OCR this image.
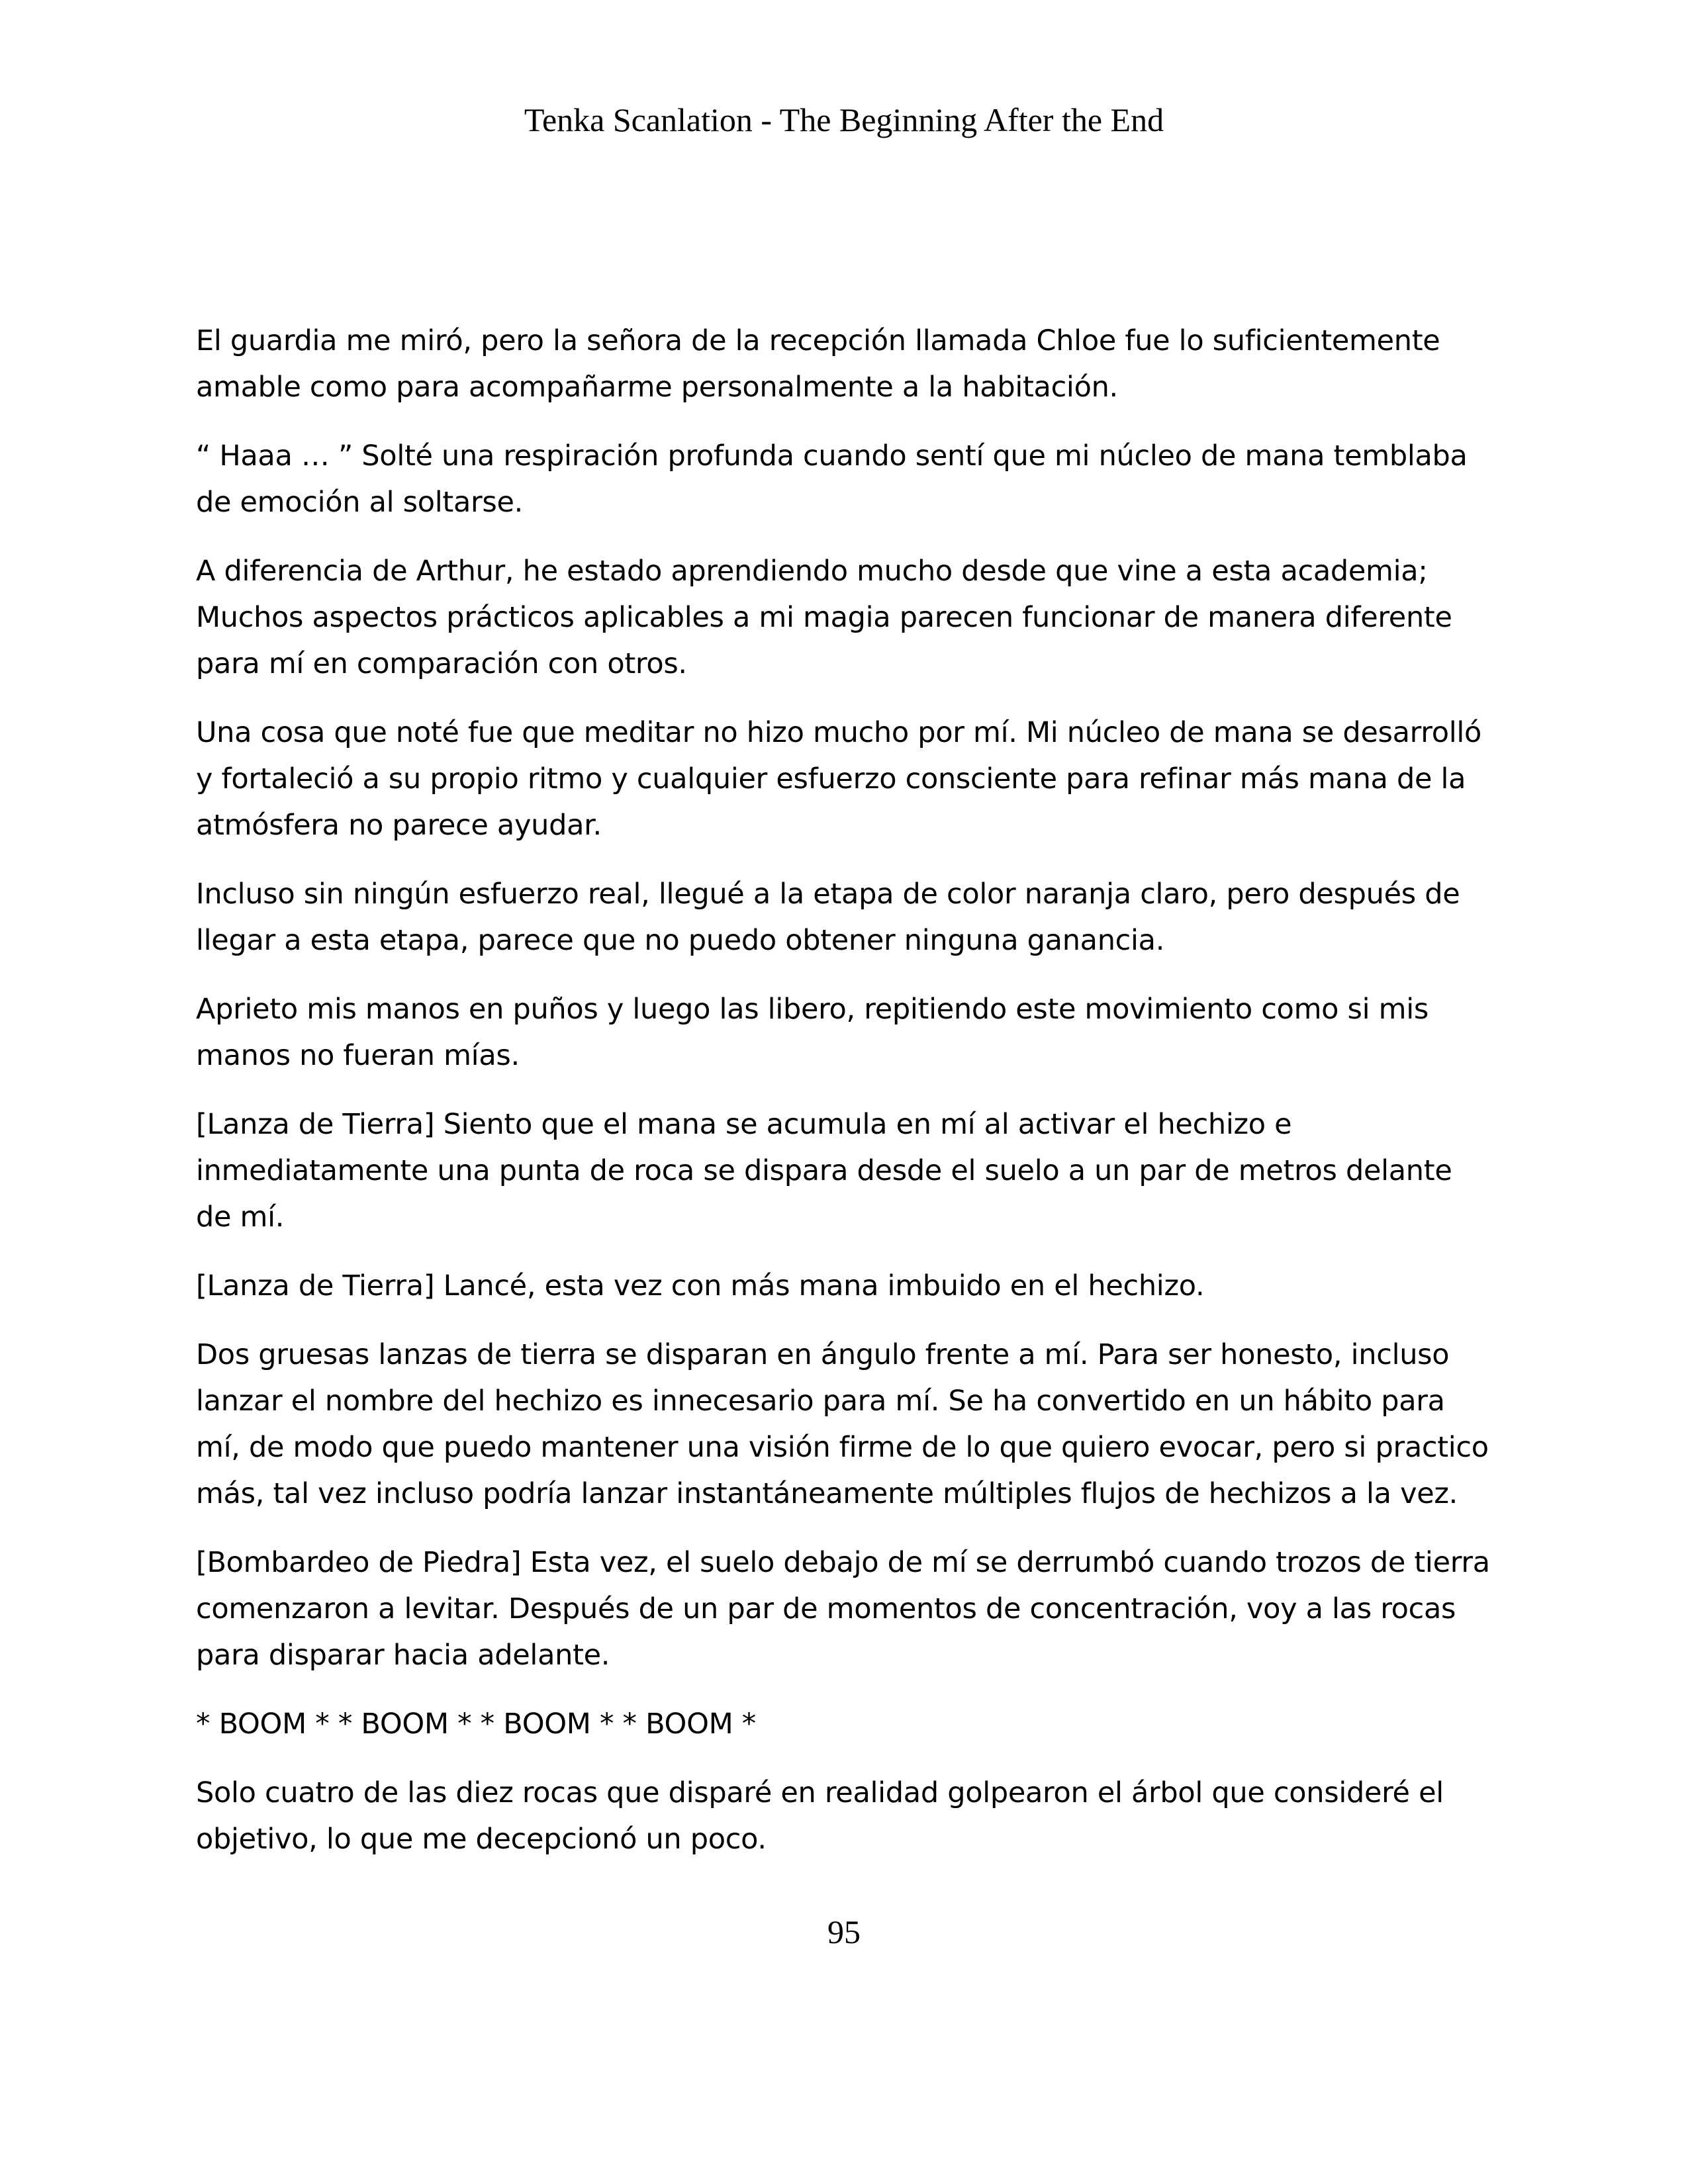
Tenka Scanlation - The Beginning After the End

El guardia me miró, pero la señora de la recepción llamada Chloe fue lo suficientemente amable como para acompañarme personalmente a la habitación.

“ Haaa … ” Solté una respiración profunda cuando sentí que mi núcleo de mana temblaba de emoción al soltarse.

A diferencia de Arthur, he estado aprendiendo mucho desde que vine a esta academia; Muchos aspectos prácticos aplicables a mi magia parecen funcionar de manera diferente para mí en comparación con otros.

Una cosa que noté fue que meditar no hizo mucho por mí. Mi núcleo de mana se desarrolló y fortaleció a su propio ritmo y cualquier esfuerzo consciente para refinar más mana de la atmósfera no parece ayudar.

Incluso sin ningún esfuerzo real, llegué a la etapa de color naranja claro, pero después de llegar a esta etapa, parece que no puedo obtener ninguna ganancia.

Aprieto mis manos en puños y luego las libero, repitiendo este movimiento como si mis manos no fueran mías.

[Lanza de Tierra] Siento que el mana se acumula en mí al activar el hechizo e inmediatamente una punta de roca se dispara desde el suelo a un par de metros delante de mí.

[Lanza de Tierra] Lancé, esta vez con más mana imbuido en el hechizo.

Dos gruesas lanzas de tierra se disparan en ángulo frente a mí. Para ser honesto, incluso lanzar el nombre del hechizo es innecesario para mí. Se ha convertido en un hábito para mí, de modo que puedo mantener una visión firme de lo que quiero evocar, pero si practico más, tal vez incluso podría lanzar instantáneamente múltiples flujos de hechizos a la vez.

[Bombardeo de Piedra] Esta vez, el suelo debajo de mí se derrumbó cuando trozos de tierra comenzaron a levitar. Después de un par de momentos de concentración, voy a las rocas para disparar hacia adelante.

* BOOM * * BOOM * * BOOM * * BOOM *

Solo cuatro de las diez rocas que disparé en realidad golpearon el árbol que consideré el objetivo, lo que me decepcionó un poco.

95
